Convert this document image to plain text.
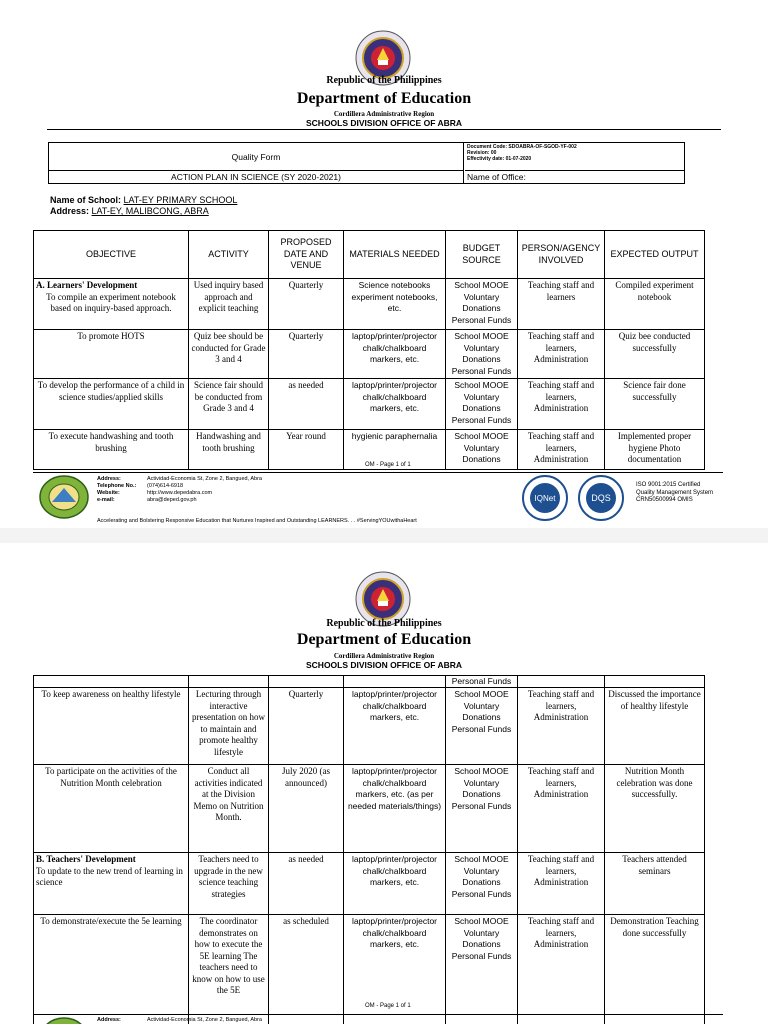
Republic of the Philippines
Department of Education
Cordillera Administrative Region
SCHOOLS DIVISION OFFICE OF ABRA
Quality Form
ACTION PLAN IN SCIENCE (SY 2020-2021)
Document Code: SDOABRA-OF-SGOD-YF-002
Revision: 00
Effectivity date: 01-07-2020
Name of Office:
Name of School: LAT-EY PRIMARY SCHOOL
Address: LAT-EY, MALIBCONG, ABRA
OBJECTIVE	ACTIVITY	PROPOSED DATE AND VENUE	MATERIALS NEEDED	BUDGET SOURCE	PERSON/AGENCY INVOLVED	EXPECTED OUTPUT

A. Learners' Development
To compile an experiment notebook based on inquiry-based approach.	Used inquiry based approach and explicit teaching	Quarterly	Science notebooks experiment notebooks, etc.	School MOOE Voluntary Donations Personal Funds	Teaching staff and learners	Compiled experiment notebook
To promote HOTS	Quiz bee should be conducted for Grade 3 and 4	Quarterly	laptop/printer/projector chalk/chalkboard markers, etc.	School MOOE Voluntary Donations Personal Funds	Teaching staff and learners, Administration	Quiz bee conducted successfully
To develop the performance of a child in science studies/applied skills	Science fair should be conducted from Grade 3 and 4	as needed	laptop/printer/projector chalk/chalkboard markers, etc.	School MOOE Voluntary Donations Personal Funds	Teaching staff and learners, Administration	Science fair done successfully
To execute handwashing and tooth brushing	Handwashing and tooth brushing	Year round	hygienic paraphernalia	School MOOE Voluntary Donations	Teaching staff and learners, Administration	Implemented proper hygiene Photo documentation
OM - Page 1 of 1
Address:	Actividad-Economia St, Zone 2, Bangued, Abra
Telephone No.: (074)614-6918
Website:	http://www.depedabra.com
e-mail:	abra@deped.gov.ph
Accelerating and Bolstering Responsive Education that Nurtures Inspired and Outstanding LEARNERS. . . #ServingYOUwithaHeart
IQNet	DQS
ISO 9001:2015 Certified
Quality Management System
CRN50500994 OMIS
Republic of the Philippines
Department of Education
Cordillera Administrative Region
SCHOOLS DIVISION OFFICE OF ABRA
				Personal Funds		
To keep awareness on healthy lifestyle	Lecturing through interactive presentation on how to maintain and promote healthy lifestyle	Quarterly	laptop/printer/projector chalk/chalkboard markers, etc.	School MOOE Voluntary Donations Personal Funds	Teaching staff and learners, Administration	Discussed the importance of healthy lifestyle
To participate on the activities of the Nutrition Month celebration	Conduct all activities indicated at the Division Memo on Nutrition Month.	July 2020 (as announced)	laptop/printer/projector chalk/chalkboard markers, etc. (as per needed materials/things)	School MOOE Voluntary Donations Personal Funds	Teaching staff and learners, Administration	Nutrition Month celebration was done successfully.

B. Teachers' Development
To update to the new trend of learning in science	Teachers need to upgrade in the new science teaching strategies	as needed	laptop/printer/projector chalk/chalkboard markers, etc.	School MOOE Voluntary Donations Personal Funds	Teaching staff and learners, Administration	Teachers attended seminars
To demonstrate/execute the 5e learning	The coordinator demonstrates on how to execute the 5E learning The teachers need to know on how to use the 5E	as scheduled	laptop/printer/projector chalk/chalkboard markers, etc.	School MOOE Voluntary Donations Personal Funds	Teaching staff and learners, Administration	Demonstration Teaching done successfully
OM - Page 1 of 1
Address:	Actividad-Economia St, Zone 2, Bangued, Abra
